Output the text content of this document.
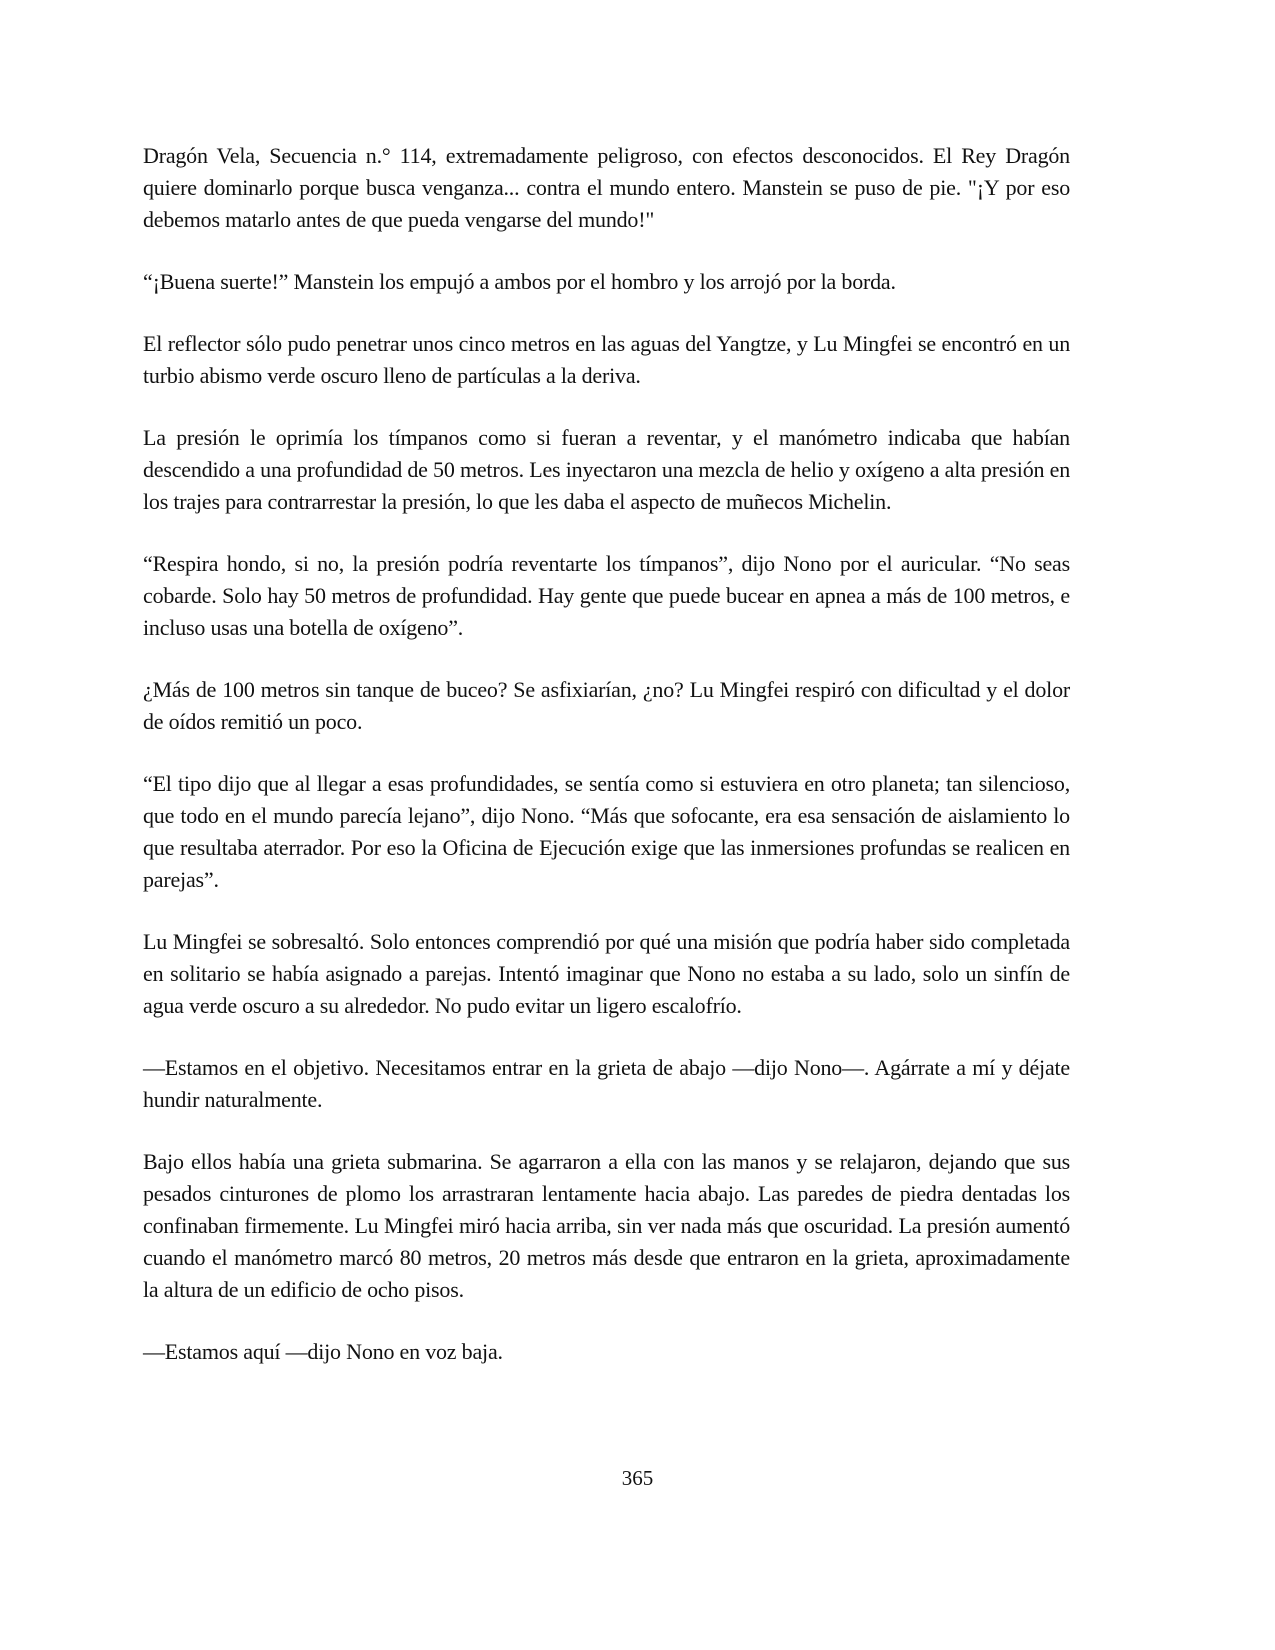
Dragón Vela, Secuencia n.° 114, extremadamente peligroso, con efectos desconocidos. El Rey Dragón quiere dominarlo porque busca venganza... contra el mundo entero. Manstein se puso de pie. "¡Y por eso debemos matarlo antes de que pueda vengarse del mundo!"

“¡Buena suerte!” Manstein los empujó a ambos por el hombro y los arrojó por la borda.

El reflector sólo pudo penetrar unos cinco metros en las aguas del Yangtze, y Lu Mingfei se encontró en un turbio abismo verde oscuro lleno de partículas a la deriva.

La presión le oprimía los tímpanos como si fueran a reventar, y el manómetro indicaba que habían descendido a una profundidad de 50 metros. Les inyectaron una mezcla de helio y oxígeno a alta presión en los trajes para contrarrestar la presión, lo que les daba el aspecto de muñecos Michelin.

“Respira hondo, si no, la presión podría reventarte los tímpanos”, dijo Nono por el auricular. “No seas cobarde. Solo hay 50 metros de profundidad. Hay gente que puede bucear en apnea a más de 100 metros, e incluso usas una botella de oxígeno”.

¿Más de 100 metros sin tanque de buceo? Se asfixiarían, ¿no? Lu Mingfei respiró con dificultad y el dolor de oídos remitió un poco.

“El tipo dijo que al llegar a esas profundidades, se sentía como si estuviera en otro planeta; tan silencioso, que todo en el mundo parecía lejano”, dijo Nono. “Más que sofocante, era esa sensación de aislamiento lo que resultaba aterrador. Por eso la Oficina de Ejecución exige que las inmersiones profundas se realicen en parejas”.

Lu Mingfei se sobresaltó. Solo entonces comprendió por qué una misión que podría haber sido completada en solitario se había asignado a parejas. Intentó imaginar que Nono no estaba a su lado, solo un sinfín de agua verde oscuro a su alrededor. No pudo evitar un ligero escalofrío.

—Estamos en el objetivo. Necesitamos entrar en la grieta de abajo —dijo Nono—. Agárrate a mí y déjate hundir naturalmente.

Bajo ellos había una grieta submarina. Se agarraron a ella con las manos y se relajaron, dejando que sus pesados cinturones de plomo los arrastraran lentamente hacia abajo. Las paredes de piedra dentadas los confinaban firmemente. Lu Mingfei miró hacia arriba, sin ver nada más que oscuridad. La presión aumentó cuando el manómetro marcó 80 metros, 20 metros más desde que entraron en la grieta, aproximadamente la altura de un edificio de ocho pisos.

—Estamos aquí —dijo Nono en voz baja.

365
